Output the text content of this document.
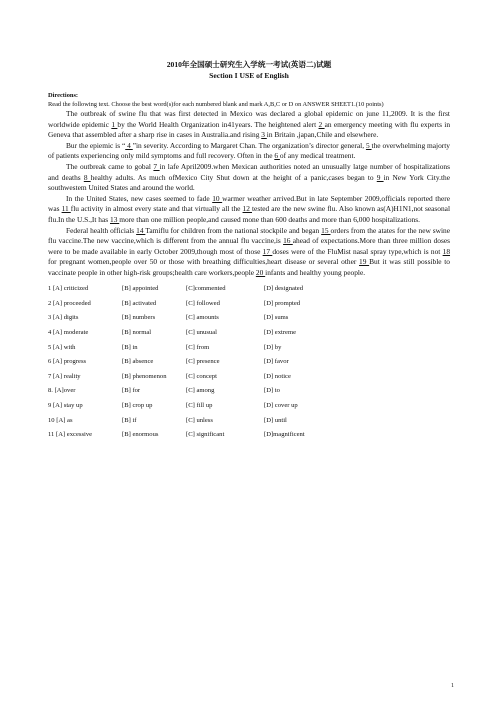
2010年全国硕士研究生入学统一考试(英语二)试题
Section I USE of English
Directions:
Read the following text. Choose the best word(s)for each numbered blank and mark A,B,C or D on ANSWER SHEET1.(10 points)

The outbreak of swine flu that was first detected in Mexico was declared a global epidemic on june 11,2009. It is the first worldwide epidemic 1 by the World Health Organization in41years. The heightened alert 2 an emergency meeting with flu experts in Geneva that assembled after a sharp rise in cases in Australia.and rising 3 in Britain ,japan,Chile and elsewhere.

Bur the epiemic is “ 4 ”in severity. According to Margaret Chan. The organization’s director general, 5 the overwhelming majorty of patients experiencing only mild symptoms and full recovery. Often in the 6 of any medical treatment.

The outbreak came to gobal 7 in lafe April2009.when Mexican authorities noted an unusually latge number of hospitalizations and deaths 8 healthy adults. As much ofMexico City Shut down at the height of a panic,cases began to 9 in New York City.the southwestem United States and around the world.

In the United States, new cases seemed to fade 10 warmer weather arrived.But in late September 2009,officials reported there was 11 flu activity in almost every state and that virtually all the 12 tested are the new swine flu. Also known as(A)H1N1,not seasonal flu.In the U.S.,It has 13 more than one million people,and caused mone than 600 deaths and more than 6,000 hospitalizations.

Federal health officials 14 Tamiflu for children from the national stockpile and began 15 orders from the atates for the new swine flu vaccine.The new vaccine,which is different from the annual flu vaccine,is 16 ahead of expectations.More than three million doses were to be made available in early October 2009,though most of those 17 doses were of the FluMist nasal spray type,which is not 18 for pregnant women,people over 50 or those with breathing difficulties,heart disease or several other 19 But it was still possible to vaccinate people in other high-risk groups;health care workers,people 20 infants and healthy young people.

1 [A] criticized	[B] appointed	[C]commented	[D] designated
2 [A] proceeded	[B] activated	[C] followed	[D] prompted
3 [A] digits	[B] numbers	[C] amounts	[D] sums
4 [A] moderate	[B] normal	[C] unusual	[D] extreme
5 [A] with	[B] in	[C] from	[D] by
6 [A] progress	[B] absence	[C] presence	[D] favor
7 [A] reality	[B] phenomenon	[C] concept	[D] notice
8. [A]over	[B] for	[C] among	[D] to
9 [A] stay up	[B] crop up	[C] fill up	[D] cover up
10 [A] as	[B] if	[C] unless	[D] until
11 [A] excessive	[B] enormous	[C] significant	[D]magnificent
1
